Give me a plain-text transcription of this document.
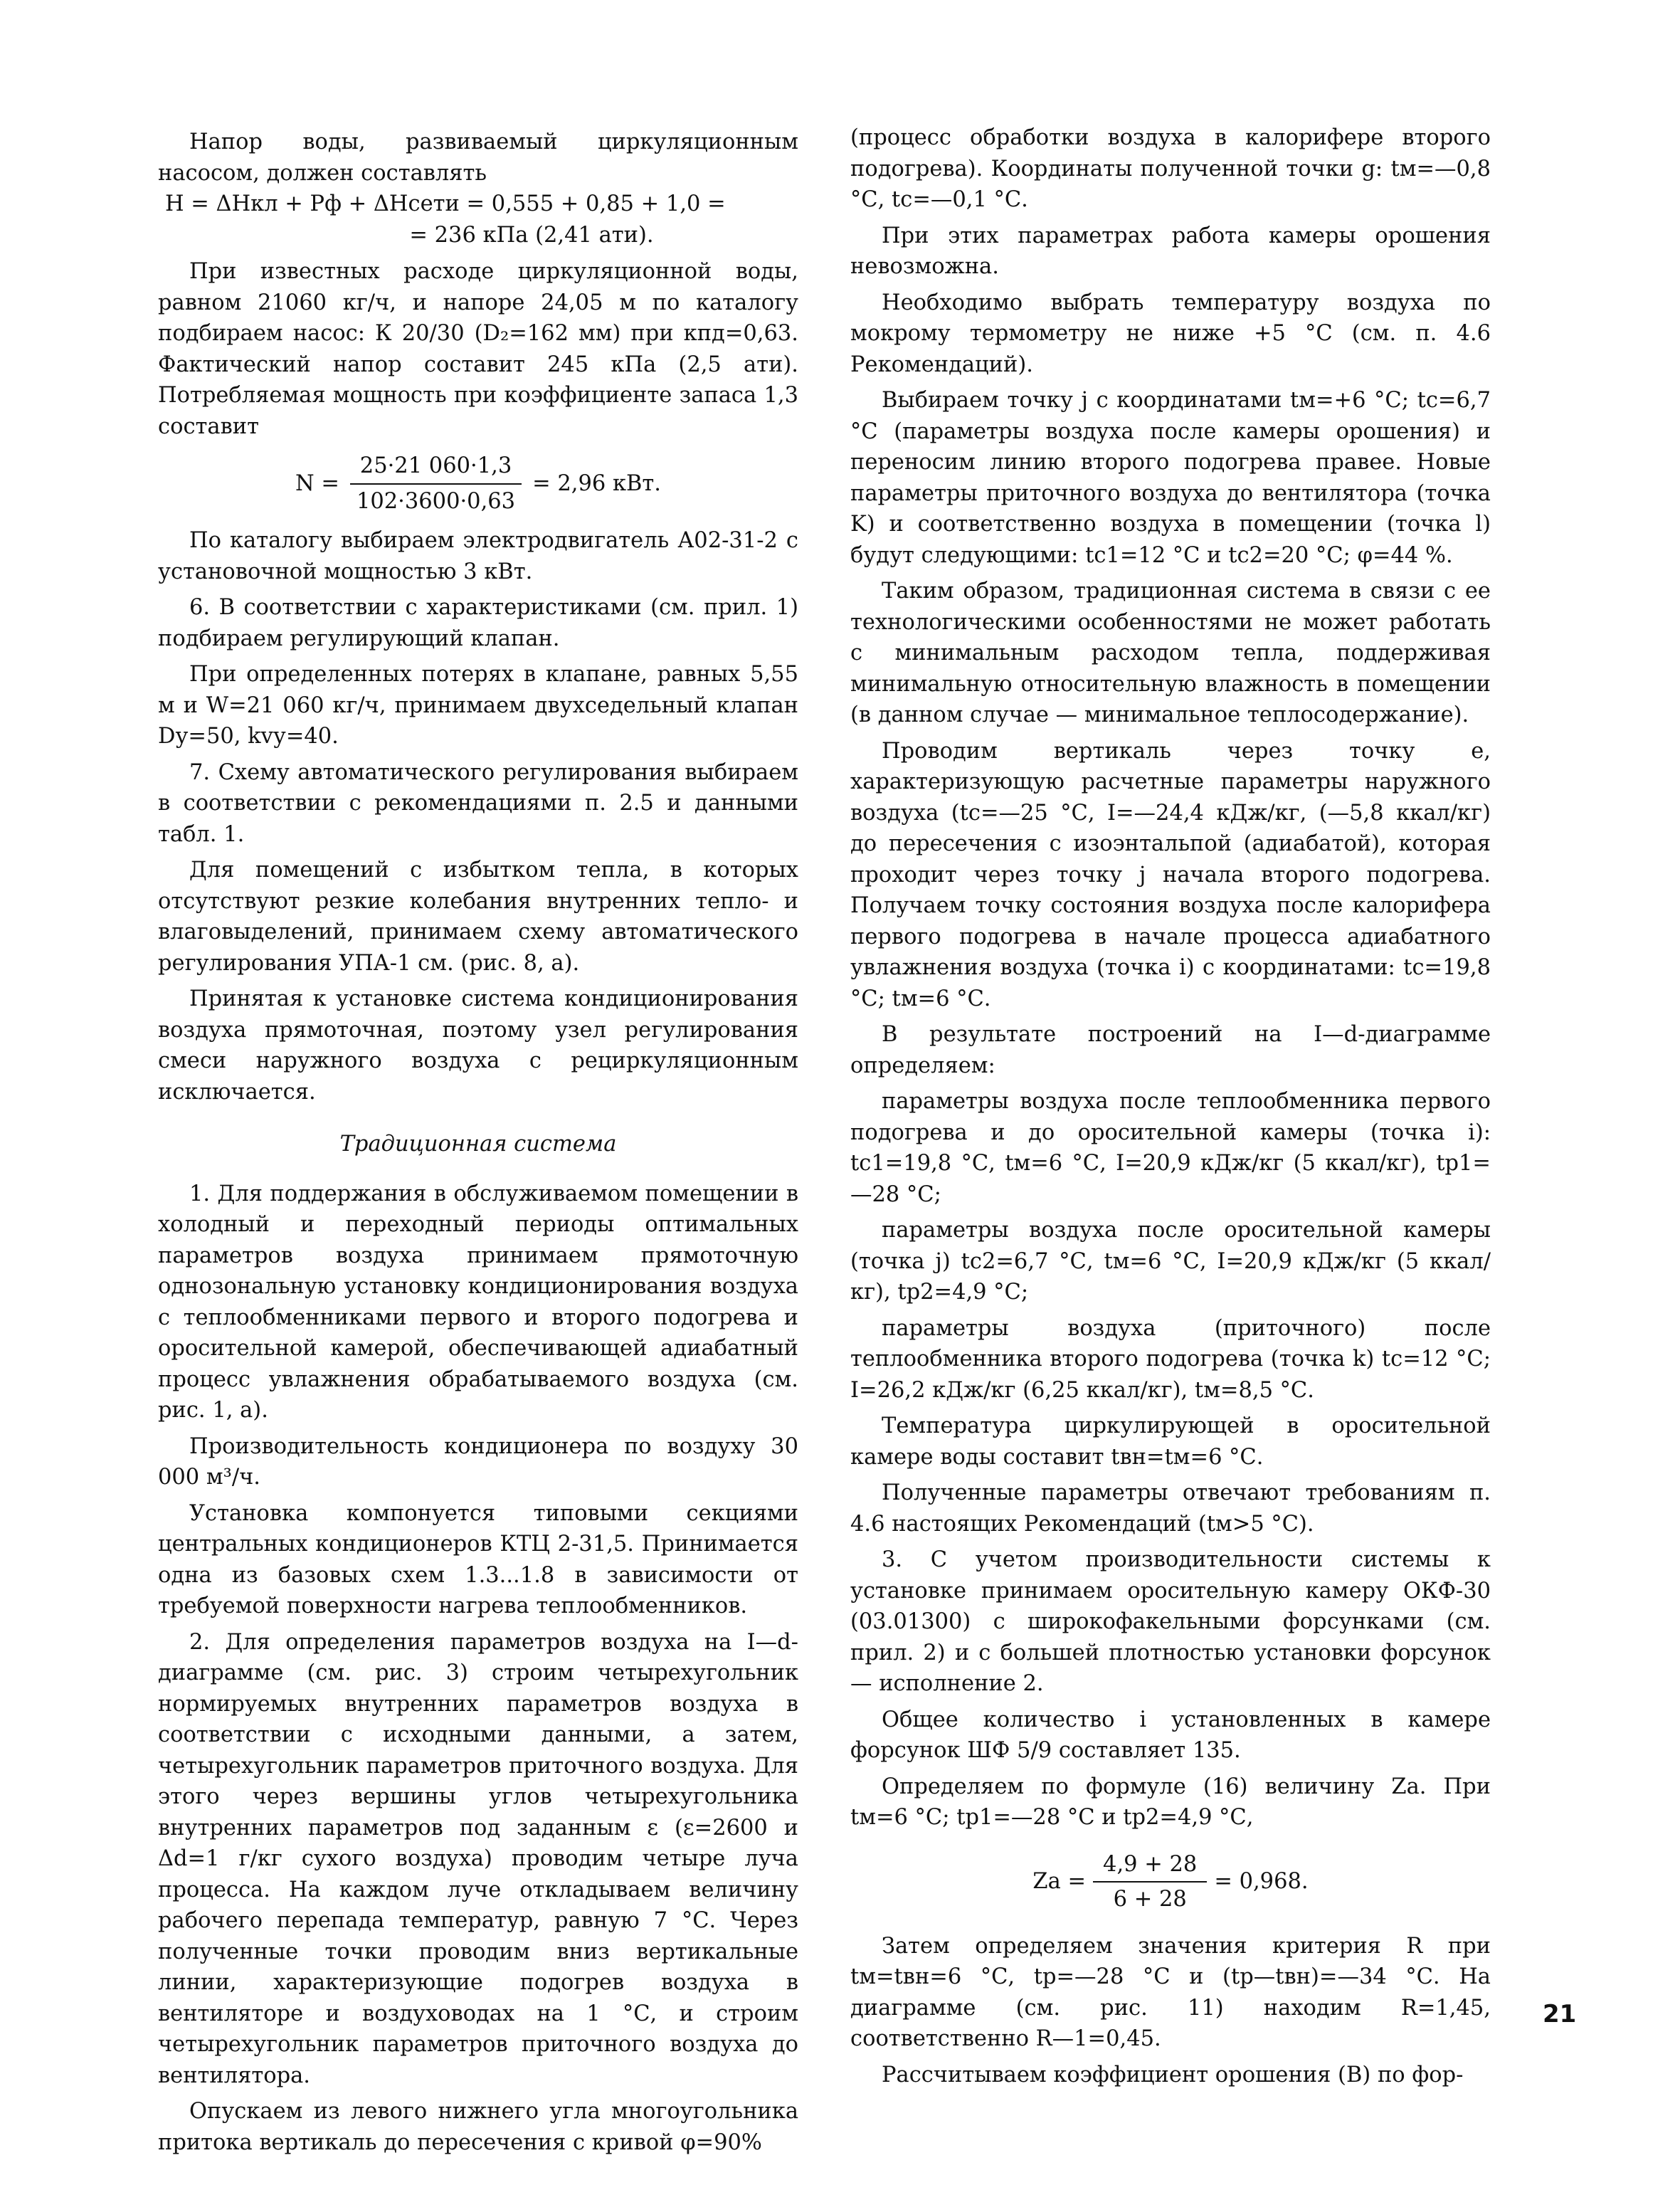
Напор воды, развиваемый циркуляционным насосом, должен составлять

H = ΔHкл + Pф + ΔHсети = 0,555 + 0,85 + 1,0 =

= 236 кПа (2,41 ати).

При известных расходе циркуляционной воды, равном 21060 кг/ч, и напоре 24,05 м по каталогу подбираем насос: К 20/30 (D₂=162 мм) при кпд=0,63. Фактический напор составит 245 кПа (2,5 ати). Потребляемая мощность при коэффициенте запаса 1,3 составит

$N = \frac{25\cdot 21 060\cdot 1,3}{102\cdot 3600\cdot 0,63} = 2,96$ кВт.

По каталогу выбираем электродвигатель А02-31-2 с установочной мощностью 3 кВт.

6. В соответствии с характеристиками (см. прил. 1) подбираем регулирующий клапан.

При определенных потерях в клапане, равных 5,55 м и W=21 060 кг/ч, принимаем двухседельный клапан Dу=50, kvу=40.

7. Схему автоматического регулирования выбираем в соответствии с рекомендациями п. 2.5 и данными табл. 1.

Для помещений с избытком тепла, в которых отсутствуют резкие колебания внутренних тепло- и влаговыделений, принимаем схему автоматического регулирования УПА-1 см. (рис. 8, а).

Принятая к установке система кондиционирования воздуха прямоточная, поэтому узел регулирования смеси наружного воздуха с рециркуляционным исключается.

Традиционная система

1. Для поддержания в обслуживаемом помещении в холодный и переходный периоды оптимальных параметров воздуха принимаем прямоточную однозональную установку кондиционирования воздуха с теплообменниками первого и второго подогрева и оросительной камерой, обеспечивающей адиабатный процесс увлажнения обрабатываемого воздуха (см. рис. 1, а).

Производительность кондиционера по воздуху 30 000 м³/ч.

Установка компонуется типовыми секциями центральных кондиционеров КТЦ 2-31,5. Принимается одна из базовых схем 1.3...1.8 в зависимости от требуемой поверхности нагрева теплообменников.

2. Для определения параметров воздуха на I—d-диаграмме (см. рис. 3) строим четырехугольник нормируемых внутренних параметров воздуха в соответствии с исходными данными, а затем, четырехугольник параметров приточного воздуха. Для этого через вершины углов четырехугольника внутренних параметров под заданным ε (ε=2600 и Δd=1 г/кг сухого воздуха) проводим четыре луча процесса. На каждом луче откладываем величину рабочего перепада температур, равную 7 °С. Через полученные точки проводим вниз вертикальные линии, характеризующие подогрев воздуха в вентиляторе и воздуховодах на 1 °С, и строим четырехугольник параметров приточного воздуха до вентилятора.

Опускаем из левого нижнего угла многоугольника притока вертикаль до пересечения с кривой φ=90%

(процесс обработки воздуха в калорифере второго подогрева). Координаты полученной точки g: tм=—0,8 °С, tс=—0,1 °С.

При этих параметрах работа камеры орошения невозможна.

Необходимо выбрать температуру воздуха по мокрому термометру не ниже +5 °С (см. п. 4.6 Рекомендаций).

Выбираем точку j с координатами tм=+6 °С; tс=6,7 °С (параметры воздуха после камеры орошения) и переносим линию второго подогрева правее. Новые параметры приточного воздуха до вентилятора (точка K) и соответственно воздуха в помещении (точка l) будут следующими: tс1=12 °С и tс2=20 °С; φ=44 %.

Таким образом, традиционная система в связи с ее технологическими особенностями не может работать с минимальным расходом тепла, поддерживая минимальную относительную влажность в помещении (в данном случае — минимальное теплосодержание).

Проводим вертикаль через точку е, характеризующую расчетные параметры наружного воздуха (tс=—25 °С, I=—24,4 кДж/кг, (—5,8 ккал/кг) до пересечения с изоэнтальпой (адиабатой), которая проходит через точку j начала второго подогрева. Получаем точку состояния воздуха после калорифера первого подогрева в начале процесса адиабатного увлажнения воздуха (точка i) с координатами: tс=19,8 °С; tм=6 °С.

В результате построений на I—d-диаграмме определяем:

параметры воздуха после теплообменника первого подогрева и до оросительной камеры (точка i): tс1=19,8 °С, tм=6 °С, I=20,9 кДж/кг (5 ккал/кг), tр1=—28 °С;

параметры воздуха после оросительной камеры (точка j) tс2=6,7 °С, tм=6 °С, I=20,9 кДж/кг (5 ккал/кг), tр2=4,9 °С;

параметры воздуха (приточного) после теплообменника второго подогрева (точка k) tс=12 °С; I=26,2 кДж/кг (6,25 ккал/кг), tм=8,5 °С.

Температура циркулирующей в оросительной камере воды составит tвн=tм=6 °С.

Полученные параметры отвечают требованиям п. 4.6 настоящих Рекомендаций (tм>5 °С).

3. С учетом производительности системы к установке принимаем оросительную камеру ОКФ-30 (03.01300) с широкофакельными форсунками (см. прил. 2) и с большей плотностью установки форсунок — исполнение 2.

Общее количество i установленных в камере форсунок ШФ 5/9 составляет 135.

Определяем по формуле (16) величину Zа. При tм=6 °С; tр1=—28 °С и tр2=4,9 °С,

Zа = $\frac{4,9 + 28}{6 + 28} = 0,968$.

Затем определяем значения критерия R при tм=tвн=6 °С, tр=—28 °С и (tр—tвн)=—34 °С. На диаграмме (см. рис. 11) находим R=1,45, соответственно R—1=0,45.

Рассчитываем коэффициент орошения (B) по фор-

21
